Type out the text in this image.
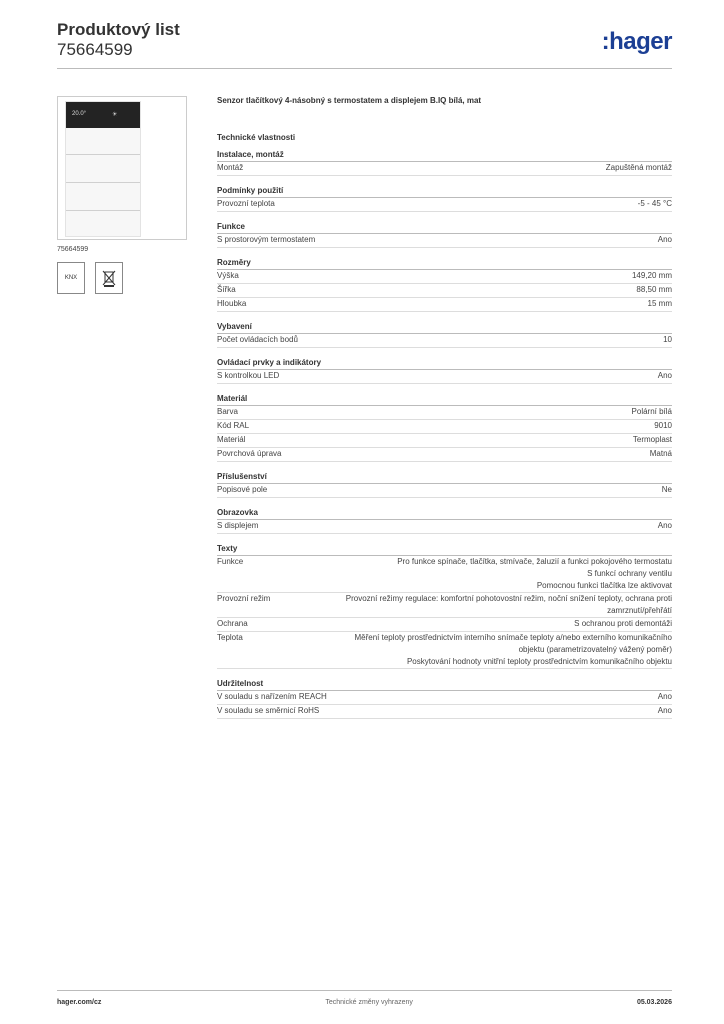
Produktový list
75664599	:hager
20.0°	☀
75664599
KNX
Senzor tlačítkový 4-násobný s termostatem a displejem B.IQ bílá, mat
Technické vlastnosti
Instalace, montáž
Montáž	Zapuštěná montáž
Podmínky použití
Provozní teplota	-5 - 45 °C
Funkce
S prostorovým termostatem	Ano
Rozměry
Výška	149,20 mm
Šířka	88,50 mm
Hloubka	15 mm
Vybavení
Počet ovládacích bodů	10
Ovládací prvky a indikátory
S kontrolkou LED	Ano
Materiál
Barva	Polární bílá
Kód RAL	9010
Materiál	Termoplast
Povrchová úprava	Matná
Příslušenství
Popisové pole	Ne
Obrazovka
S displejem	Ano
Texty
Funkce	Pro funkce spínače, tlačítka, stmívače, žaluzií a funkci pokojového termostatu
S funkcí ochrany ventilu
Pomocnou funkci tlačítka lze aktivovat
Provozní režim	Provozní režimy regulace: komfortní pohotovostní režim, noční snížení teploty, ochrana proti zamrznutí/přehřátí
Ochrana	S ochranou proti demontáži
Teplota	Měření teploty prostřednictvím interního snímače teploty a/nebo externího komunikačního objektu (parametrizovatelný vážený poměr)
Poskytování hodnoty vnitřní teploty prostřednictvím komunikačního objektu
Udržitelnost
V souladu s nařízením REACH	Ano
V souladu se směrnicí RoHS	Ano
hager.com/cz	Technické změny vyhrazeny	05.03.2026
